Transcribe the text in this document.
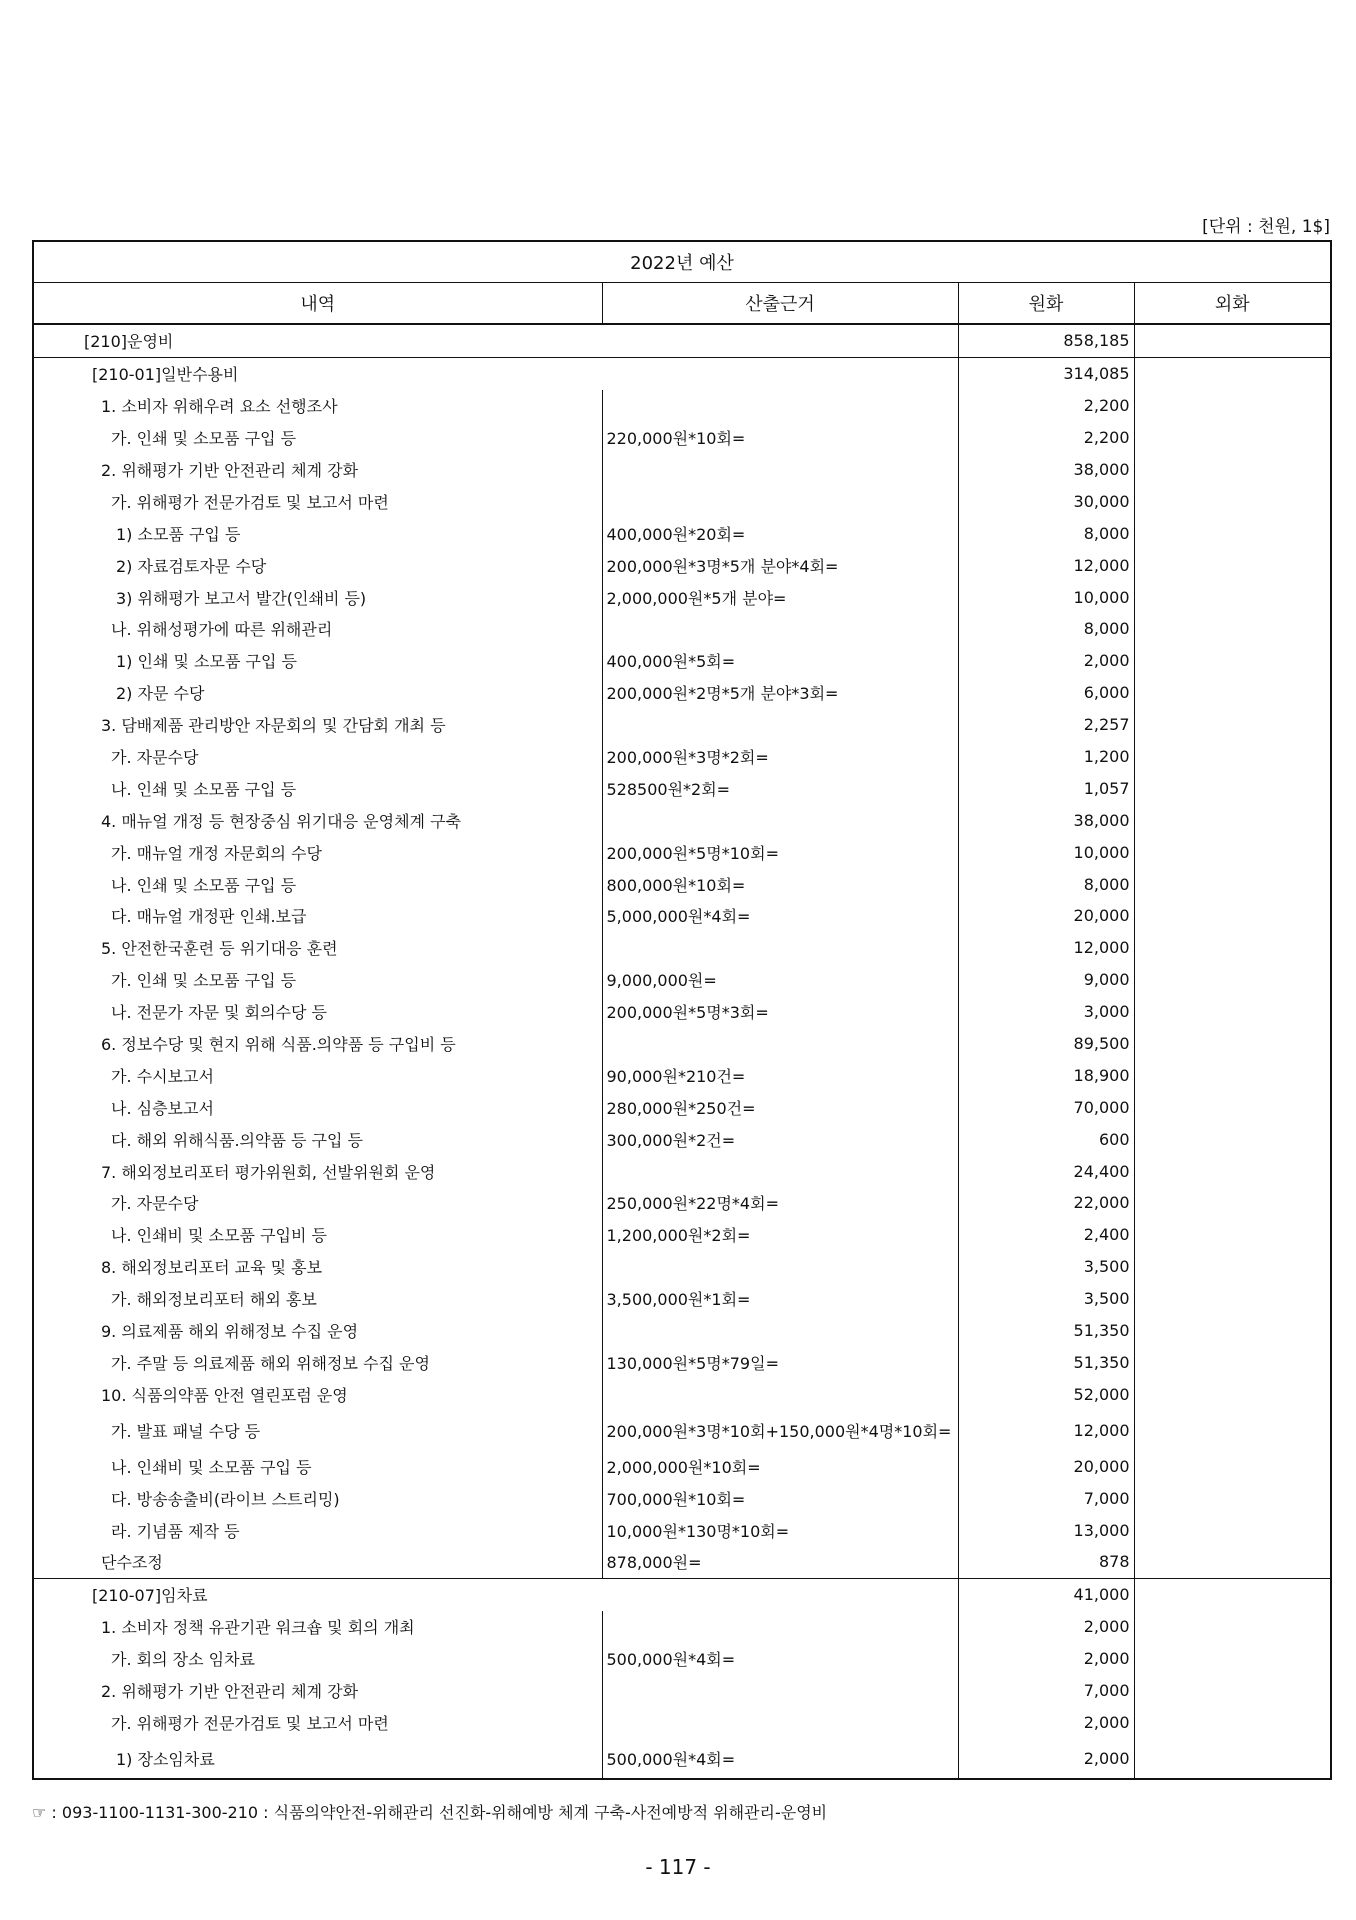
[단위 : 천원, 1$]
2022년 예산			
내역	산출근거	원화	외화
[210]운영비		858,185	
[210-01]일반수용비		314,085	
1. 소비자 위해우려 요소 선행조사		2,200	
가. 인쇄 및 소모품 구입 등	220,000원*10회=	2,200	
2. 위해평가 기반 안전관리 체계 강화		38,000	
가. 위해평가 전문가검토 및 보고서 마련		30,000	
1) 소모품 구입 등	400,000원*20회=	8,000	
2) 자료검토자문 수당	200,000원*3명*5개 분야*4회=	12,000	
3) 위해평가 보고서 발간(인쇄비 등)	2,000,000원*5개 분야=	10,000	
나. 위해성평가에 따른 위해관리		8,000	
1) 인쇄 및 소모품 구입 등	400,000원*5회=	2,000	
2) 자문 수당	200,000원*2명*5개 분야*3회=	6,000	
3. 담배제품 관리방안 자문회의 및 간담회 개최 등		2,257	
가. 자문수당	200,000원*3명*2회=	1,200	
나. 인쇄 및 소모품 구입 등	528500원*2회=	1,057	
4. 매뉴얼 개정 등 현장중심 위기대응 운영체계 구축		38,000	
가. 매뉴얼 개정 자문회의 수당	200,000원*5명*10회=	10,000	
나. 인쇄 및 소모품 구입 등	800,000원*10회=	8,000	
다. 매뉴얼 개정판 인쇄.보급	5,000,000원*4회=	20,000	
5. 안전한국훈련 등 위기대응 훈련		12,000	
가. 인쇄 및 소모품 구입 등	9,000,000원=	9,000	
나. 전문가 자문 및 회의수당 등	200,000원*5명*3회=	3,000	
6. 정보수당 및 현지 위해 식품.의약품 등 구입비 등		89,500	
가. 수시보고서	90,000원*210건=	18,900	
나. 심층보고서	280,000원*250건=	70,000	
다. 해외 위해식품.의약품 등 구입 등	300,000원*2건=	600	
7. 해외정보리포터 평가위원회, 선발위원회 운영		24,400	
가. 자문수당	250,000원*22명*4회=	22,000	
나. 인쇄비 및 소모품 구입비 등	1,200,000원*2회=	2,400	
8. 해외정보리포터 교육 및 홍보		3,500	
가. 해외정보리포터 해외 홍보	3,500,000원*1회=	3,500	
9. 의료제품 해외 위해정보 수집 운영		51,350	
가. 주말 등 의료제품 해외 위해정보 수집 운영	130,000원*5명*79일=	51,350	
10. 식품의약품 안전 열린포럼 운영		52,000	
가. 발표 패널 수당 등	200,000원*3명*10회+150,000원*4명*10회=	12,000	
나. 인쇄비 및 소모품 구입 등	2,000,000원*10회=	20,000	
다. 방송송출비(라이브 스트리밍)	700,000원*10회=	7,000	
라. 기념품 제작 등	10,000원*130명*10회=	13,000	
단수조정	878,000원=	878	
[210-07]임차료		41,000	
1. 소비자 정책 유관기관 워크숍 및 회의 개최		2,000	
가. 회의 장소 임차료	500,000원*4회=	2,000	
2. 위해평가 기반 안전관리 체계 강화		7,000	
가. 위해평가 전문가검토 및 보고서 마련		2,000	
1) 장소임차료	500,000원*4회=	2,000	
☞ : 093-1100-1131-300-210 : 식품의약안전-위해관리 선진화-위해예방 체계 구축-사전예방적 위해관리-운영비
- 117 -
